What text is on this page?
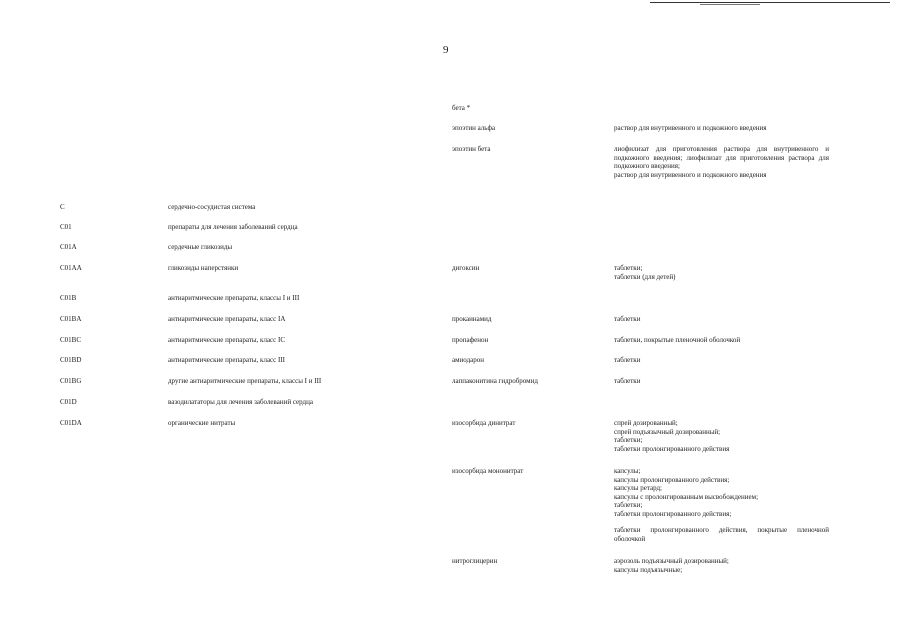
9
бета *
эпоэтин альфа	раствор для внутривенного и подкожного введения
эпоэтин бета	лиофилизат для приготовления раствора для внутривенного и подкожного введения; лиофилизат для приготовления раствора для подкожного введения;
раствор для внутривенного и подкожного введения
C	сердечно-сосудистая система
C01	препараты для лечения заболеваний сердца
C01A	сердечные гликозиды
C01AA	гликозиды наперстянки	дигоксин	таблетки;
таблетки (для детей)
C01B	антиаритмические препараты, классы I и III
C01BA	антиаритмические препараты, класс IA	прокаинамид	таблетки
C01BC	антиаритмические препараты, класс IC	пропафенон	таблетки, покрытые пленочной оболочкой
C01BD	антиаритмические препараты, класс III	амиодарон	таблетки
C01BG	другие антиаритмические препараты, классы I и III	лаппаконитина гидробромид	таблетки
C01D	вазодилататоры для лечения заболеваний сердца
C01DA	органические нитраты	изосорбида динитрат	спрей дозированный;
спрей подъязычный дозированный;
таблетки;
таблетки пролонгированного действия
изосорбида мононитрат	капсулы;
капсулы пролонгированного действия;
капсулы ретард;
капсулы с пролонгированным высвобождением;
таблетки;
таблетки пролонгированного действия;
таблетки пролонгированного действия, покрытые пленочной оболочкой
нитроглицерин	аэрозоль подъязычный дозированный;
капсулы подъязычные;
